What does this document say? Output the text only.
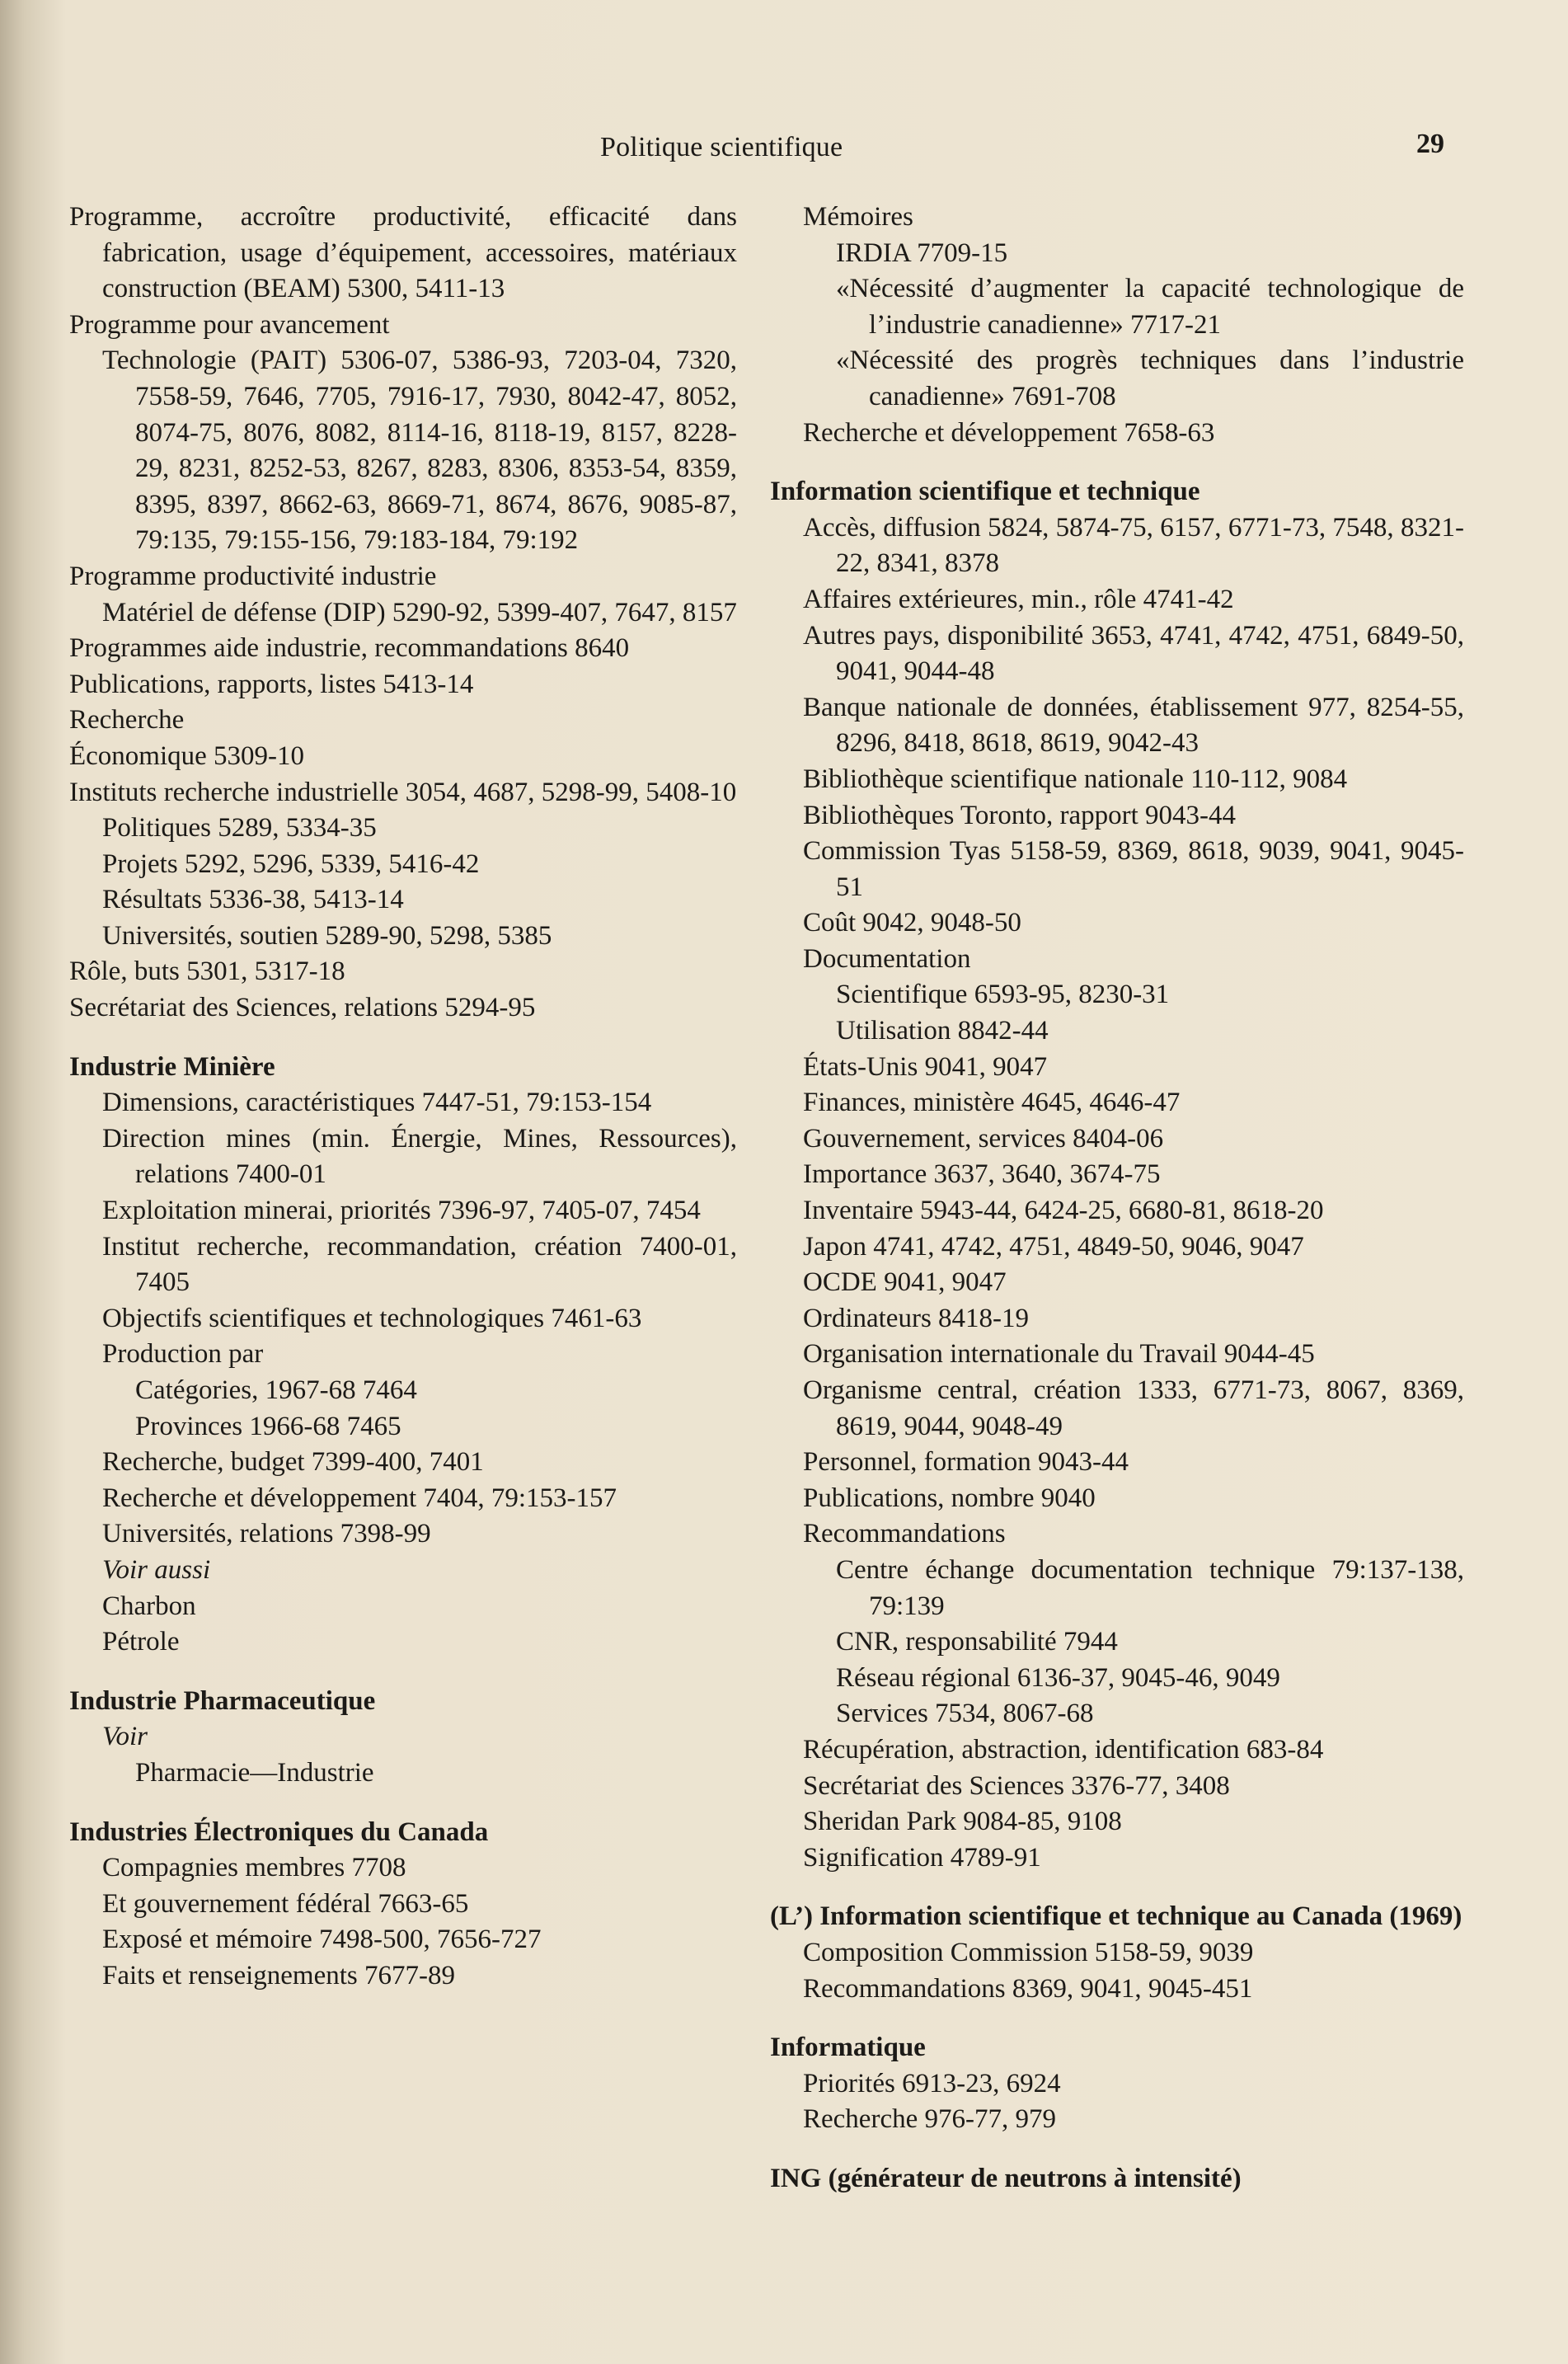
Politique scientifique	29
Programme, accroître productivité, efficacité dans fabrication, usage d’équipement, accessoires, matériaux construction (BEAM) 5300, 5411-13
Programme pour avancement
Technologie (PAIT) 5306-07, 5386-93, 7203-04, 7320, 7558-59, 7646, 7705, 7916-17, 7930, 8042-47, 8052, 8074-75, 8076, 8082, 8114-16, 8118-19, 8157, 8228-29, 8231, 8252-53, 8267, 8283, 8306, 8353-54, 8359, 8395, 8397, 8662-63, 8669-71, 8674, 8676, 9085-87, 79:135, 79:155-156, 79:183-184, 79:192
Programme productivité industrie
Matériel de défense (DIP) 5290-92, 5399-407, 7647, 8157
Programmes aide industrie, recommandations 8640
Publications, rapports, listes 5413-14
Recherche
Économique 5309-10
Instituts recherche industrielle 3054, 4687, 5298-99, 5408-10
Politiques 5289, 5334-35
Projets 5292, 5296, 5339, 5416-42
Résultats 5336-38, 5413-14
Universités, soutien 5289-90, 5298, 5385
Rôle, buts 5301, 5317-18
Secrétariat des Sciences, relations 5294-95
Industrie Minière
Dimensions, caractéristiques 7447-51, 79:153-154
Direction mines (min. Énergie, Mines, Ressources), relations 7400-01
Exploitation minerai, priorités 7396-97, 7405-07, 7454
Institut recherche, recommandation, création 7400-01, 7405
Objectifs scientifiques et technologiques 7461-63
Production par
Catégories, 1967-68 7464
Provinces 1966-68 7465
Recherche, budget 7399-400, 7401
Recherche et développement 7404, 79:153-157
Universités, relations 7398-99
Voir aussi
Charbon
Pétrole
Industrie Pharmaceutique
Voir
Pharmacie—Industrie
Industries Électroniques du Canada
Compagnies membres 7708
Et gouvernement fédéral 7663-65
Exposé et mémoire 7498-500, 7656-727
Faits et renseignements 7677-89
Mémoires
IRDIA 7709-15
«Nécessité d’augmenter la capacité technologique de l’industrie canadienne» 7717-21
«Nécessité des progrès techniques dans l’industrie canadienne» 7691-708
Recherche et développement 7658-63
Information scientifique et technique
Accès, diffusion 5824, 5874-75, 6157, 6771-73, 7548, 8321-22, 8341, 8378
Affaires extérieures, min., rôle 4741-42
Autres pays, disponibilité 3653, 4741, 4742, 4751, 6849-50, 9041, 9044-48
Banque nationale de données, établissement 977, 8254-55, 8296, 8418, 8618, 8619, 9042-43
Bibliothèque scientifique nationale 110-112, 9084
Bibliothèques Toronto, rapport 9043-44
Commission Tyas 5158-59, 8369, 8618, 9039, 9041, 9045-51
Coût 9042, 9048-50
Documentation
Scientifique 6593-95, 8230-31
Utilisation 8842-44
États-Unis 9041, 9047
Finances, ministère 4645, 4646-47
Gouvernement, services 8404-06
Importance 3637, 3640, 3674-75
Inventaire 5943-44, 6424-25, 6680-81, 8618-20
Japon 4741, 4742, 4751, 4849-50, 9046, 9047
OCDE 9041, 9047
Ordinateurs 8418-19
Organisation internationale du Travail 9044-45
Organisme central, création 1333, 6771-73, 8067, 8369, 8619, 9044, 9048-49
Personnel, formation 9043-44
Publications, nombre 9040
Recommandations
Centre échange documentation technique 79:137-138, 79:139
CNR, responsabilité 7944
Réseau régional 6136-37, 9045-46, 9049
Services 7534, 8067-68
Récupération, abstraction, identification 683-84
Secrétariat des Sciences 3376-77, 3408
Sheridan Park 9084-85, 9108
Signification 4789-91
(L’) Information scientifique et technique au Canada (1969)
Composition Commission 5158-59, 9039
Recommandations 8369, 9041, 9045-451
Informatique
Priorités 6913-23, 6924
Recherche 976-77, 979
ING (générateur de neutrons à intensité)
